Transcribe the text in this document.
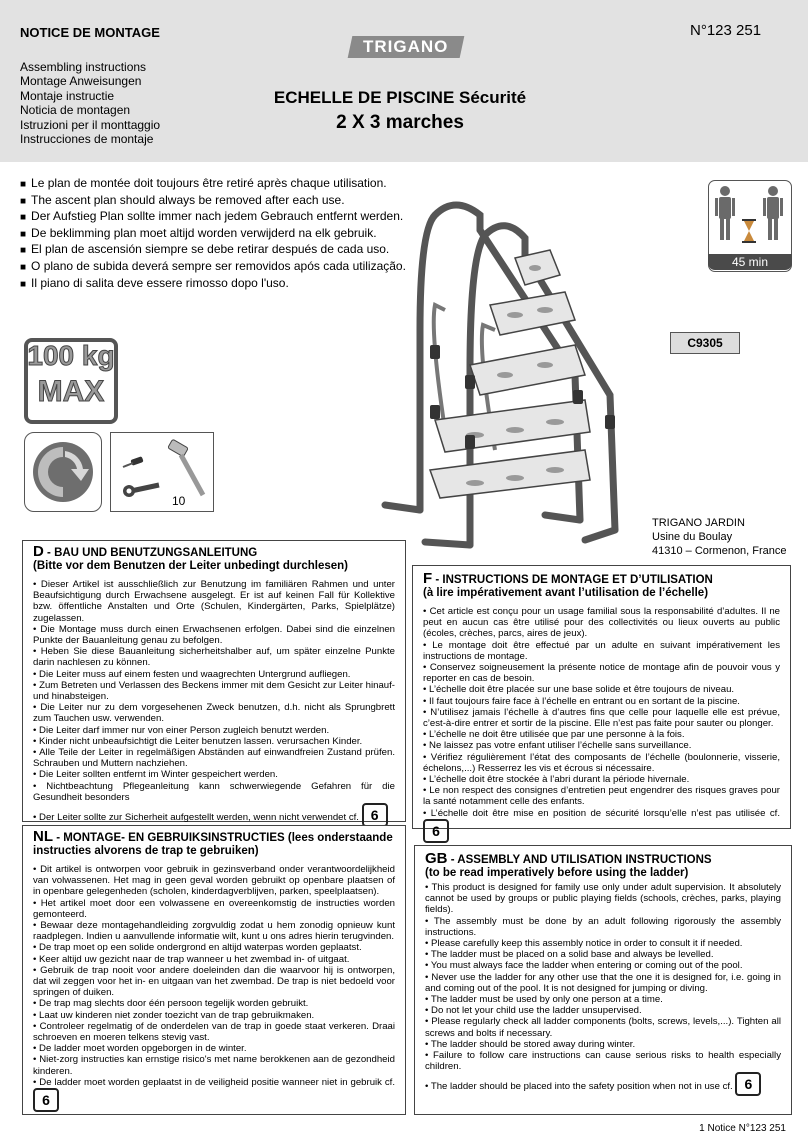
NOTICE DE MONTAGE
Assembling instructions
Montage Anweisungen
Montaje instructie
Noticia de montagen
Istruzioni per il monttaggio
Instrucciones de montaje
TRIGANO
N°123 251
ECHELLE DE PISCINE Sécurité
2 X 3 marches
■ Le plan de montée doit toujours être retiré après chaque utilisation.
■ The ascent plan should always be removed after each use.
■ Der Aufstieg Plan sollte immer nach jedem Gebrauch entfernt werden.
■ De beklimming plan moet altijd worden verwijderd na elk gebruik.
■ El plan de ascensión siempre se debe retirar después de cada uso.
■ O plano de subida deverá sempre ser removidos após cada utilização.
■ Il piano di salita deve essere rimosso dopo l'uso.
45 min
C9305
100 kg
MAX
10
TRIGANO JARDIN
Usine du Boulay
41310 – Cormenon, France
D - BAU UND BENUTZUNGSANLEITUNG
(Bitte vor dem Benutzen der Leiter unbedingt durchlesen)
• Dieser Artikel ist ausschließlich zur Benutzung im familiären Rahmen und unter Beaufsichtigung durch Erwachsene ausgelegt. Er ist auf keinen Fall für Kollektive bzw. öffentliche Anstalten und Orte (Schulen, Kindergärten, Parks, Spielplätze) zugelassen.
• Die Montage muss durch einen Erwachsenen erfolgen. Dabei sind die einzelnen Punkte der Bauanleitung genau zu befolgen.
• Heben Sie diese Bauanleitung sicherheitshalber auf, um später einzelne Punkte darin nachlesen zu können.
• Die Leiter muss auf einem festen und waagrechten Untergrund aufliegen.
• Zum Betreten und Verlassen des Beckens immer mit dem Gesicht zur Leiter hinauf- und hinabsteigen.
• Die Leiter nur zu dem vorgesehenen Zweck benutzen, d.h. nicht als Sprungbrett zum Tauchen usw. verwenden.
• Die Leiter darf immer nur von einer Person zugleich benutzt werden.
• Kinder nicht unbeaufsichtigt die Leiter benutzen lassen. verursachen Kinder.
• Alle Teile der Leiter in regelmäßigen Abständen auf einwandfreien Zustand prüfen. Schrauben und Muttern nachziehen.
• Die Leiter sollten entfernt im Winter gespeichert werden.
• Nichtbeachtung Pflegeanleitung kann schwerwiegende Gefahren für die Gesundheit besonders
• Der Leiter sollte zur Sicherheit aufgestellt werden, wenn nicht verwendet cf. 6
F - INSTRUCTIONS DE MONTAGE ET D’UTILISATION
(à lire impérativement avant l’utilisation de l’échelle)
• Cet article est conçu pour un usage familial sous la responsabilité d’adultes. Il ne peut en aucun cas être utilisé pour des collectivités ou lieux ouverts au public (écoles, crèches, parcs, aires de jeux).
• Le montage doit être effectué par un adulte en suivant impérativement les instructions de montage.
• Conservez soigneusement la présente notice de montage afin de pouvoir vous y reporter en cas de besoin.
• L’échelle doit être placée sur une base solide et être toujours de niveau.
• Il faut toujours faire face à l’échelle en entrant ou en sortant de la piscine.
• N’utilisez jamais l’échelle à d’autres fins que celle pour laquelle elle est prévue, c’est-à-dire entrer et sortir de la piscine. Elle n’est pas faite pour sauter ou plonger.
• L’échelle ne doit être utilisée que par une personne à la fois.
• Ne laissez pas votre enfant utiliser l’échelle sans surveillance.
• Vérifiez régulièrement l’état des composants de l’échelle (boulonnerie, visserie, échelons,...) Resserrez les vis et écrous si nécessaire.
• L’échelle doit être stockée à l’abri durant la période hivernale.
• Le non respect des consignes d’entretien peut engendrer des risques graves pour la santé notamment celle des enfants.
• L’échelle doit être mise en position de sécurité lorsqu’elle n’est pas utilisée cf. 6
NL - MONTAGE- EN GEBRUIKSINSTRUCTIES (lees onderstaande instructies alvorens de trap te gebruiken)
• Dit artikel is ontworpen voor gebruik in gezinsverband onder verantwoordelijkheid van volwassenen. Het mag in geen geval worden gebruikt op openbare plaatsen of in openbare gelegenheden (scholen, kinderdagverblijven, parken, speelplaatsen).
• Het artikel moet door een volwassene en overeenkomstig de instructies worden gemonteerd.
• Bewaar deze montagehandleiding zorgvuldig zodat u hem zonodig opnieuw kunt raadplegen. Indien u aanvullende informatie wilt, kunt u ons adres hierin terugvinden.
• De trap moet op een solide ondergrond en altijd waterpas worden geplaatst.
• Keer altijd uw gezicht naar de trap wanneer u het zwembad in- of uitgaat.
• Gebruik de trap nooit voor andere doeleinden dan die waarvoor hij is ontworpen, dat wil zeggen voor het in- en uitgaan van het zwembad. De trap is niet bedoeld voor springen of duiken.
• De trap mag slechts door één persoon tegelijk worden gebruikt.
• Laat uw kinderen niet zonder toezicht van de trap gebruikmaken.
• Controleer regelmatig of de onderdelen van de trap in goede staat verkeren. Draai schroeven en moeren telkens stevig vast.
• De ladder moet worden opgeborgen in de winter.
• Niet-zorg instructies kan ernstige risico's met name berokkenen aan de gezondheid kinderen.
• De ladder moet worden geplaatst in de veiligheid positie wanneer niet in gebruik cf. 6
GB - ASSEMBLY AND UTILISATION INSTRUCTIONS
(to be read imperatively before using the ladder)
• This product is designed for family use only under adult supervision. It absolutely cannot be used by groups or public playing fields (schools, crèches, parks, playing fields).
• The assembly must be done by an adult following rigorously the assembly instructions.
• Please carefully keep this assembly notice in order to consult it if needed.
• The ladder must be placed on a solid base and always be levelled.
• You must always face the ladder when entering or coming out of the pool.
• Never use the ladder for any other use that the one it is designed for, i.e. going in and coming out of the pool. It is not designed for jumping or diving.
• The ladder must be used by only one person at a time.
• Do not let your child use the ladder unsupervised.
• Please regularly check all ladder components (bolts, screws, levels,...). Tighten all screws and bolts if necessary.
• The ladder should be stored away during winter.
• Failure to follow care instructions can cause serious risks to health especially children.
• The ladder should be placed into the safety position when not in use cf. 6
1 Notice N°123 251
